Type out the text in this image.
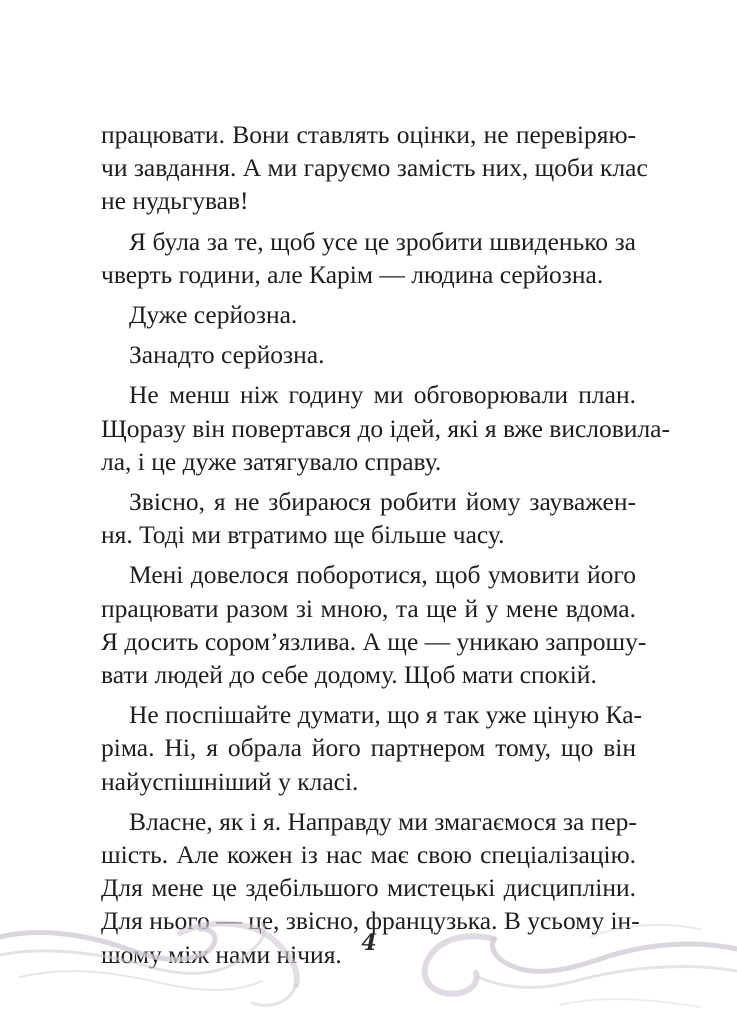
працювати. Вони ставлять оцінки, не перевіряю-
чи завдання. А ми гаруємо замість них, щоби клас
не нудьгував!

Я була за те, щоб усе це зробити швиденько за
чверть години, але Карім — людина серйозна.

Дуже серйозна.

Занадто серйозна.

Не менш ніж годину ми обговорювали план.
Щоразу він повертався до ідей, які я вже висловила-
ла, і це дуже затягувало справу.

Звісно, я не збираюся робити йому зауважен-
ня. Тоді ми втратимо ще більше часу.

Мені довелося поборотися, щоб умовити його
працювати разом зі мною, та ще й у мене вдома.
Я досить сором’язлива. А ще — уникаю запрошу-
вати людей до себе додому. Щоб мати спокій.

Не поспішайте думати, що я так уже ціную Ка-
ріма. Ні, я обрала його партнером тому, що він
найуспішніший у класі.

Власне, як і я. Направду ми змагаємося за пер-
шість. Але кожен із нас має свою спеціалізацію.
Для мене це здебільшого мистецькі дисципліни.
Для нього — це, звісно, французька. В усьому ін-
шому між нами нічия. 4
